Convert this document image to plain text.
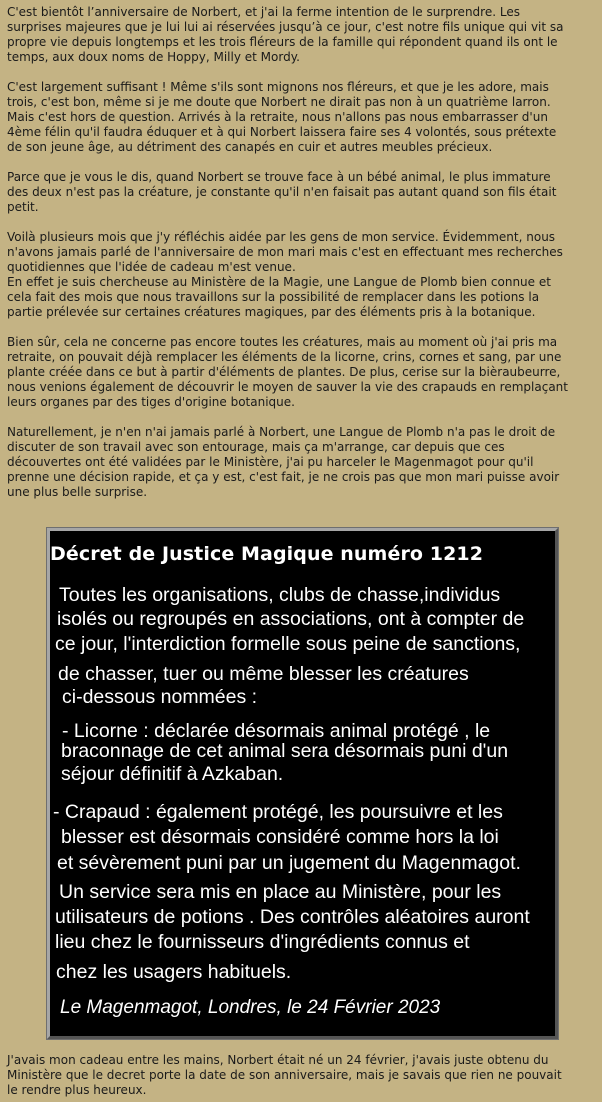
C'est bientôt l’anniversaire de Norbert, et j'ai la ferme intention de le surprendre. Les
surprises majeures que je lui lui ai réservées jusqu’à ce jour, c'est notre fils unique qui vit sa
propre vie depuis longtemps et les trois fléreurs de la famille qui répondent quand ils ont le
temps, aux doux noms de Hoppy, Milly et Mordy.

C'est largement suffisant ! Même s'ils sont mignons nos fléreurs, et que je les adore, mais
trois, c'est bon, même si je me doute que Norbert ne dirait pas non à un quatrième larron.
Mais c'est hors de question. Arrivés à la retraite, nous n'allons pas nous embarrasser d'un
4ème félin qu'il faudra éduquer et à qui Norbert laissera faire ses 4 volontés, sous prétexte
de son jeune âge, au détriment des canapés en cuir et autres meubles précieux.

Parce que je vous le dis, quand Norbert se trouve face à un bébé animal, le plus immature
des deux n'est pas la créature, je constante qu'il n'en faisait pas autant quand son fils était
petit.

Voilà plusieurs mois que j'y réfléchis aidée par les gens de mon service. Évidemment, nous
n'avons jamais parlé de l'anniversaire de mon mari mais c'est en effectuant mes recherches
quotidiennes que l'idée de cadeau m'est venue.
En effet je suis chercheuse au Ministère de la Magie, une Langue de Plomb bien connue et
cela fait des mois que nous travaillons sur la possibilité de remplacer dans les potions la
partie prélevée sur certaines créatures magiques, par des éléments pris à la botanique.

Bien sûr, cela ne concerne pas encore toutes les créatures, mais au moment où j'ai pris ma
retraite, on pouvait déjà remplacer les éléments de la licorne, crins, cornes et sang, par une
plante créée dans ce but à partir d'éléments de plantes. De plus, cerise sur la bièraubeurre,
nous venions également de découvrir le moyen de sauver la vie des crapauds en remplaçant
leurs organes par des tiges d'origine botanique.

Naturellement, je n'en n'ai jamais parlé à Norbert, une Langue de Plomb n'a pas le droit de
discuter de son travail avec son entourage, mais ça m'arrange, car depuis que ces
découvertes ont été validées par le Ministère, j'ai pu harceler le Magenmagot pour qu'il
prenne une décision rapide, et ça y est, c'est fait, je ne crois pas que mon mari puisse avoir
une plus belle surprise.

Décret de Justice Magique numéro 1212
Toutes les organisations, clubs de chasse,individus
isolés ou regroupés en associations, ont à compter de
ce jour, l'interdiction formelle sous peine de sanctions,
de chasser, tuer ou même blesser les créatures
ci-dessous nommées :
- Licorne : déclarée désormais animal protégé , le
braconnage de cet animal sera désormais puni d'un
séjour définitif à Azkaban.
- Crapaud : également protégé, les poursuivre et les
blesser est désormais considéré comme hors la loi
et sévèrement puni par un jugement du Magenmagot.
Un service sera mis en place au Ministère, pour les
utilisateurs de potions . Des contrôles aléatoires auront
lieu chez le fournisseurs d'ingrédients connus et
chez les usagers habituels.
Le Magenmagot, Londres, le 24 Février 2023

J'avais mon cadeau entre les mains, Norbert était né un 24 février, j'avais juste obtenu du
Ministère que le decret porte la date de son anniversaire, mais je savais que rien ne pouvait
le rendre plus heureux.
